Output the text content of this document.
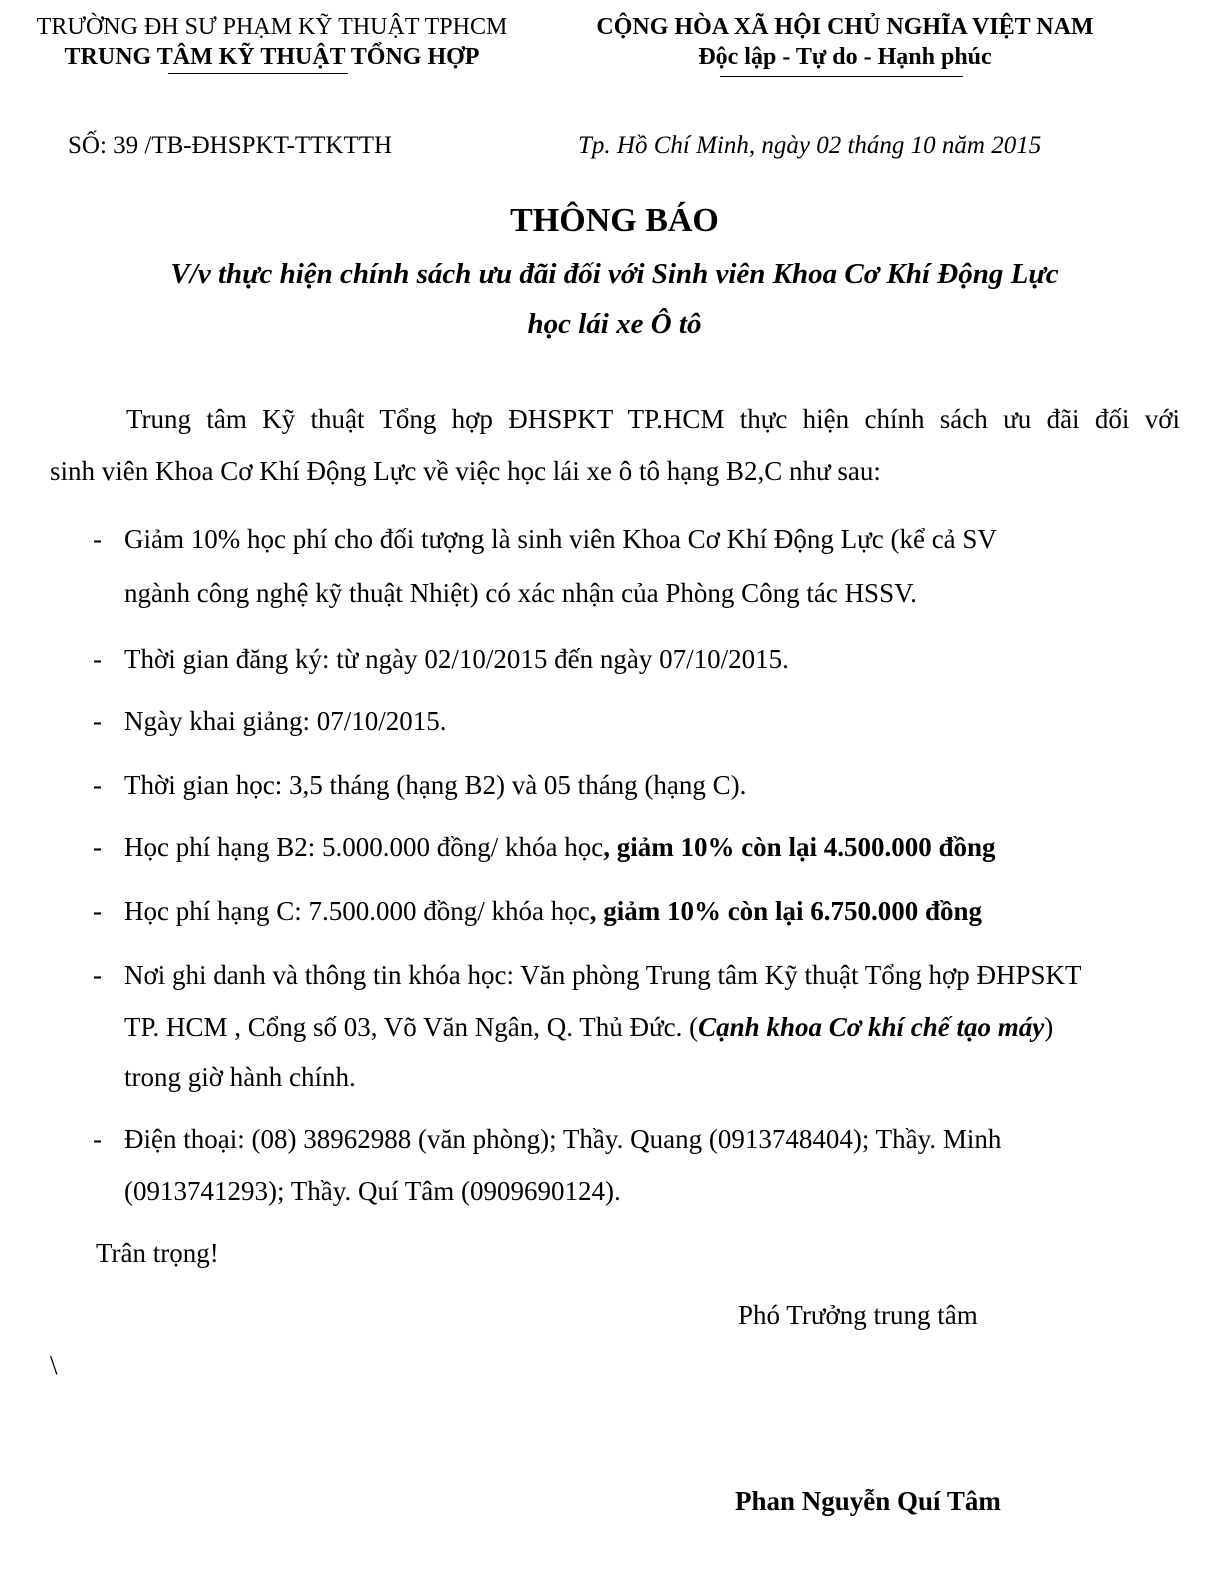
TRƯỜNG ĐH SƯ PHẠM KỸ THUẬT TPHCM
TRUNG TÂM KỸ THUẬT TỔNG HỢP
CỘNG HÒA XÃ HỘI CHỦ NGHĨA VIỆT NAM
Độc lập - Tự do - Hạnh phúc
SỐ: 39 /TB-ĐHSPKT-TTKTTH	Tp. Hồ Chí Minh, ngày 02 tháng 10 năm 2015
THÔNG BÁO
V/v thực hiện chính sách ưu đãi đối với Sinh viên Khoa Cơ Khí Động Lực
học lái xe Ô tô
Trung tâm Kỹ thuật Tổng hợp ĐHSPKT TP.HCM thực hiện chính sách ưu đãi đối với
sinh viên Khoa Cơ Khí Động Lực về việc học lái xe ô tô hạng B2,C như sau:
- Giảm 10% học phí cho đối tượng là sinh viên Khoa Cơ Khí Động Lực (kể cả SV
ngành công nghệ kỹ thuật Nhiệt) có xác nhận của Phòng Công tác HSSV.
- Thời gian đăng ký: từ ngày 02/10/2015 đến ngày 07/10/2015.
- Ngày khai giảng: 07/10/2015.
- Thời gian học: 3,5 tháng (hạng B2) và 05 tháng (hạng C).
- Học phí hạng B2: 5.000.000 đồng/ khóa học, giảm 10% còn lại 4.500.000 đồng
- Học phí hạng C: 7.500.000 đồng/ khóa học, giảm 10% còn lại 6.750.000 đồng
- Nơi ghi danh và thông tin khóa học: Văn phòng Trung tâm Kỹ thuật Tổng hợp ĐHPSKT
TP. HCM , Cổng số 03, Võ Văn Ngân, Q. Thủ Đức. (Cạnh khoa Cơ khí chế tạo máy)
trong giờ hành chính.
- Điện thoại: (08) 38962988 (văn phòng); Thầy. Quang (0913748404); Thầy. Minh
(0913741293); Thầy. Quí Tâm (0909690124).
Trân trọng!
Phó Trưởng trung tâm
\
Phan Nguyễn Quí Tâm
